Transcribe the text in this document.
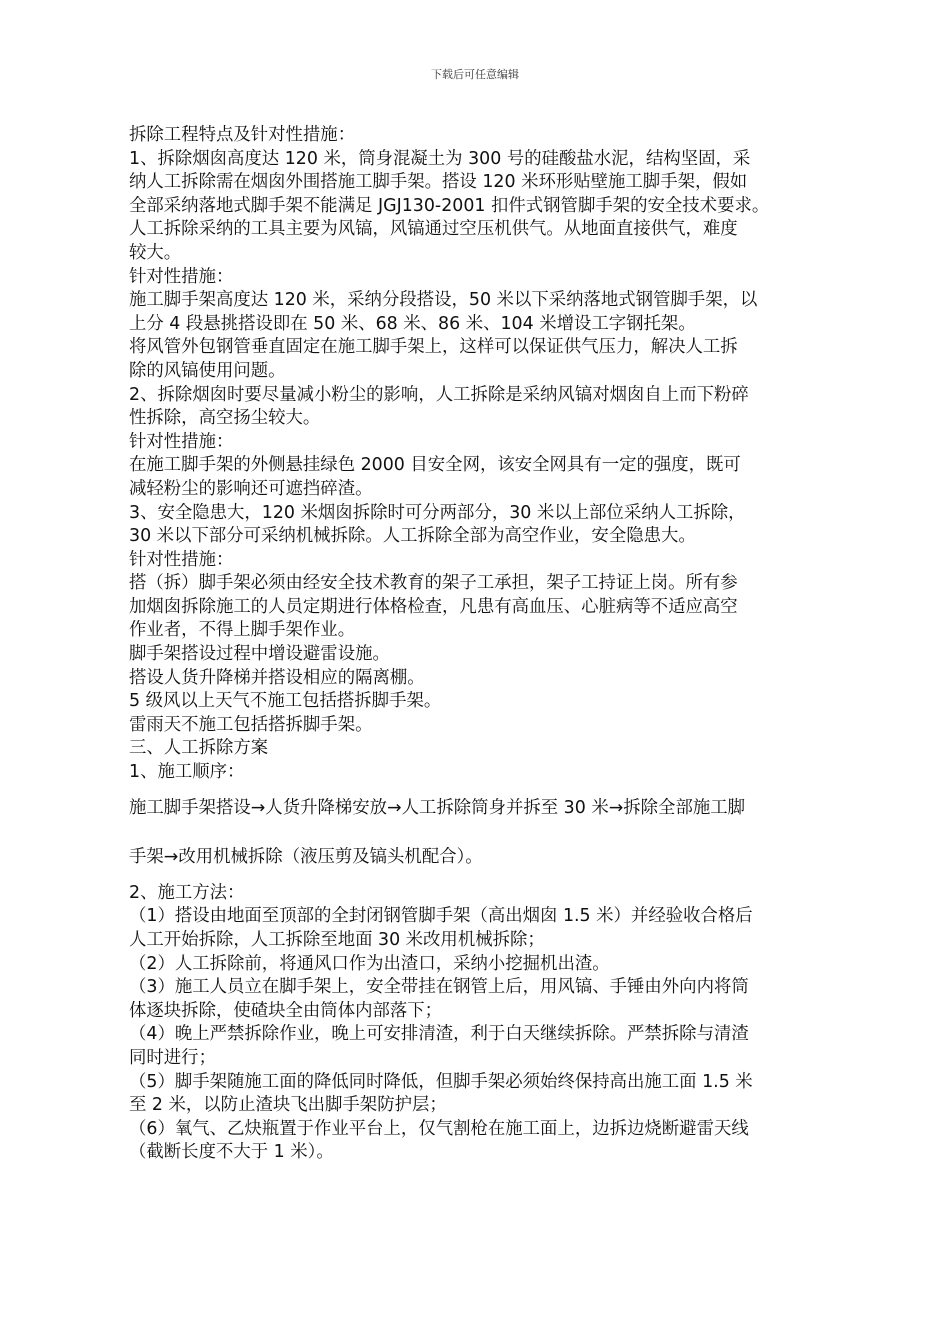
下载后可任意编辑
拆除工程特点及针对性措施：
1、拆除烟囱高度达 120 米，筒身混凝土为 300 号的硅酸盐水泥，结构坚固，采
纳人工拆除需在烟囱外围搭施工脚手架。搭设 120 米环形贴壁施工脚手架，假如
全部采纳落地式脚手架不能满足 JGJ130-2001 扣件式钢管脚手架的安全技术要求。
人工拆除采纳的工具主要为风镐，风镐通过空压机供气。从地面直接供气，难度
较大。
针对性措施：
施工脚手架高度达 120 米，采纳分段搭设，50 米以下采纳落地式钢管脚手架，以
上分 4 段悬挑搭设即在 50 米、68 米、86 米、104 米增设工字钢托架。
将风管外包钢管垂直固定在施工脚手架上，这样可以保证供气压力，解决人工拆
除的风镐使用问题。
2、拆除烟囱时要尽量减小粉尘的影响，人工拆除是采纳风镐对烟囱自上而下粉碎
性拆除，高空扬尘较大。
针对性措施：
在施工脚手架的外侧悬挂绿色 2000 目安全网，该安全网具有一定的强度，既可
减轻粉尘的影响还可遮挡碎渣。
3、安全隐患大，120 米烟囱拆除时可分两部分，30 米以上部位采纳人工拆除，
30 米以下部分可采纳机械拆除。人工拆除全部为高空作业，安全隐患大。
针对性措施：
搭（拆）脚手架必须由经安全技术教育的架子工承担，架子工持证上岗。所有参
加烟囱拆除施工的人员定期进行体格检查，凡患有高血压、心脏病等不适应高空
作业者，不得上脚手架作业。
脚手架搭设过程中增设避雷设施。
搭设人货升降梯并搭设相应的隔离棚。
5 级风以上天气不施工包括搭拆脚手架。
雷雨天不施工包括搭拆脚手架。
三、人工拆除方案
1、施工顺序：
施工脚手架搭设→人货升降梯安放→人工拆除筒身并拆至 30 米→拆除全部施工脚
手架→改用机械拆除（液压剪及镐头机配合）。
2、施工方法：
（1）搭设由地面至顶部的全封闭钢管脚手架（高出烟囱 1.5 米）并经验收合格后
人工开始拆除，人工拆除至地面 30 米改用机械拆除；
（2）人工拆除前，将通风口作为出渣口，采纳小挖掘机出渣。
（3）施工人员立在脚手架上，安全带挂在钢管上后，用风镐、手锤由外向内将筒
体逐块拆除，使碴块全由筒体内部落下；
（4）晚上严禁拆除作业，晚上可安排清渣，利于白天继续拆除。严禁拆除与清渣
同时进行；
（5）脚手架随施工面的降低同时降低，但脚手架必须始终保持高出施工面 1.5 米
至 2 米，以防止渣块飞出脚手架防护层；
（6）氧气、乙炔瓶置于作业平台上，仅气割枪在施工面上，边拆边烧断避雷天线
（截断长度不大于 1 米）。
